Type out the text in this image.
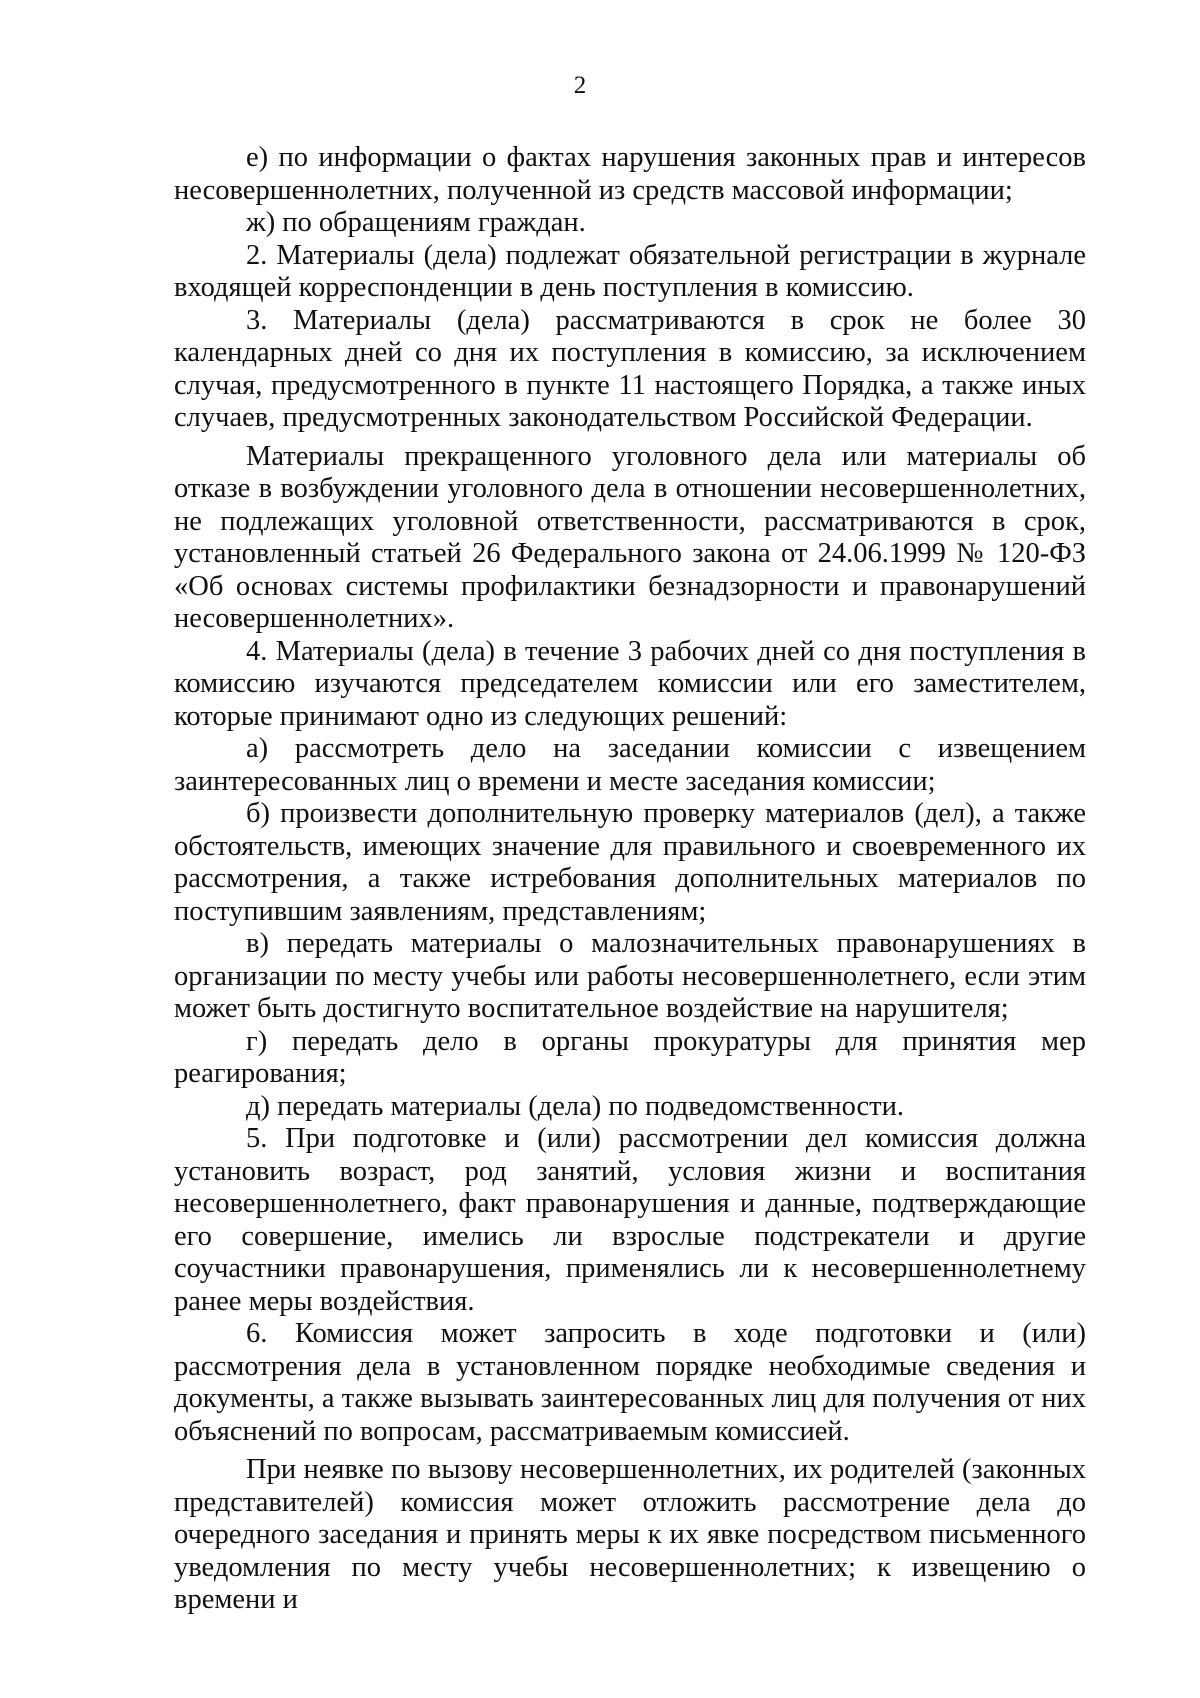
2

е) по информации о фактах нарушения законных прав и интересов несовершеннолетних, полученной из средств массовой информации;

ж) по обращениям граждан.

2. Материалы (дела) подлежат обязательной регистрации в журнале входящей корреспонденции в день поступления в комиссию.

3. Материалы (дела) рассматриваются в срок не более 30 календарных дней со дня их поступления в комиссию, за исключением случая, предусмотренного в пункте 11 настоящего Порядка, а также иных случаев, предусмотренных законодательством Российской Федерации.

Материалы прекращенного уголовного дела или материалы об отказе в возбуждении уголовного дела в отношении несовершеннолетних, не подлежащих уголовной ответственности, рассматриваются в срок, установленный статьей 26 Федерального закона от 24.06.1999 № 120-ФЗ «Об основах системы профилактики безнадзорности и правонарушений несовершеннолетних».

4. Материалы (дела) в течение 3 рабочих дней со дня поступления в комиссию изучаются председателем комиссии или его заместителем, которые принимают одно из следующих решений:

а) рассмотреть дело на заседании комиссии с извещением заинтересованных лиц о времени и месте заседания комиссии;

б) произвести дополнительную проверку материалов (дел), а также обстоятельств, имеющих значение для правильного и своевременного их рассмотрения, а также истребования дополнительных материалов по поступившим заявлениям, представлениям;

в) передать материалы о малозначительных правонарушениях в организации по месту учебы или работы несовершеннолетнего, если этим может быть достигнуто воспитательное воздействие на нарушителя;

г) передать дело в органы прокуратуры для принятия мер реагирования;

д) передать материалы (дела) по подведомственности.

5. При подготовке и (или) рассмотрении дел комиссия должна установить возраст, род занятий, условия жизни и воспитания несовершеннолетнего, факт правонарушения и данные, подтверждающие его совершение, имелись ли взрослые подстрекатели и другие соучастники правонарушения, применялись ли к несовершеннолетнему ранее меры воздействия.

6. Комиссия может запросить в ходе подготовки и (или) рассмотрения дела в установленном порядке необходимые сведения и документы, а также вызывать заинтересованных лиц для получения от них объяснений по вопросам, рассматриваемым комиссией.

При неявке по вызову несовершеннолетних, их родителей (законных представителей) комиссия может отложить рассмотрение дела до очередного заседания и принять меры к их явке посредством письменного уведомления по месту учебы несовершеннолетних; к извещению о времени и
